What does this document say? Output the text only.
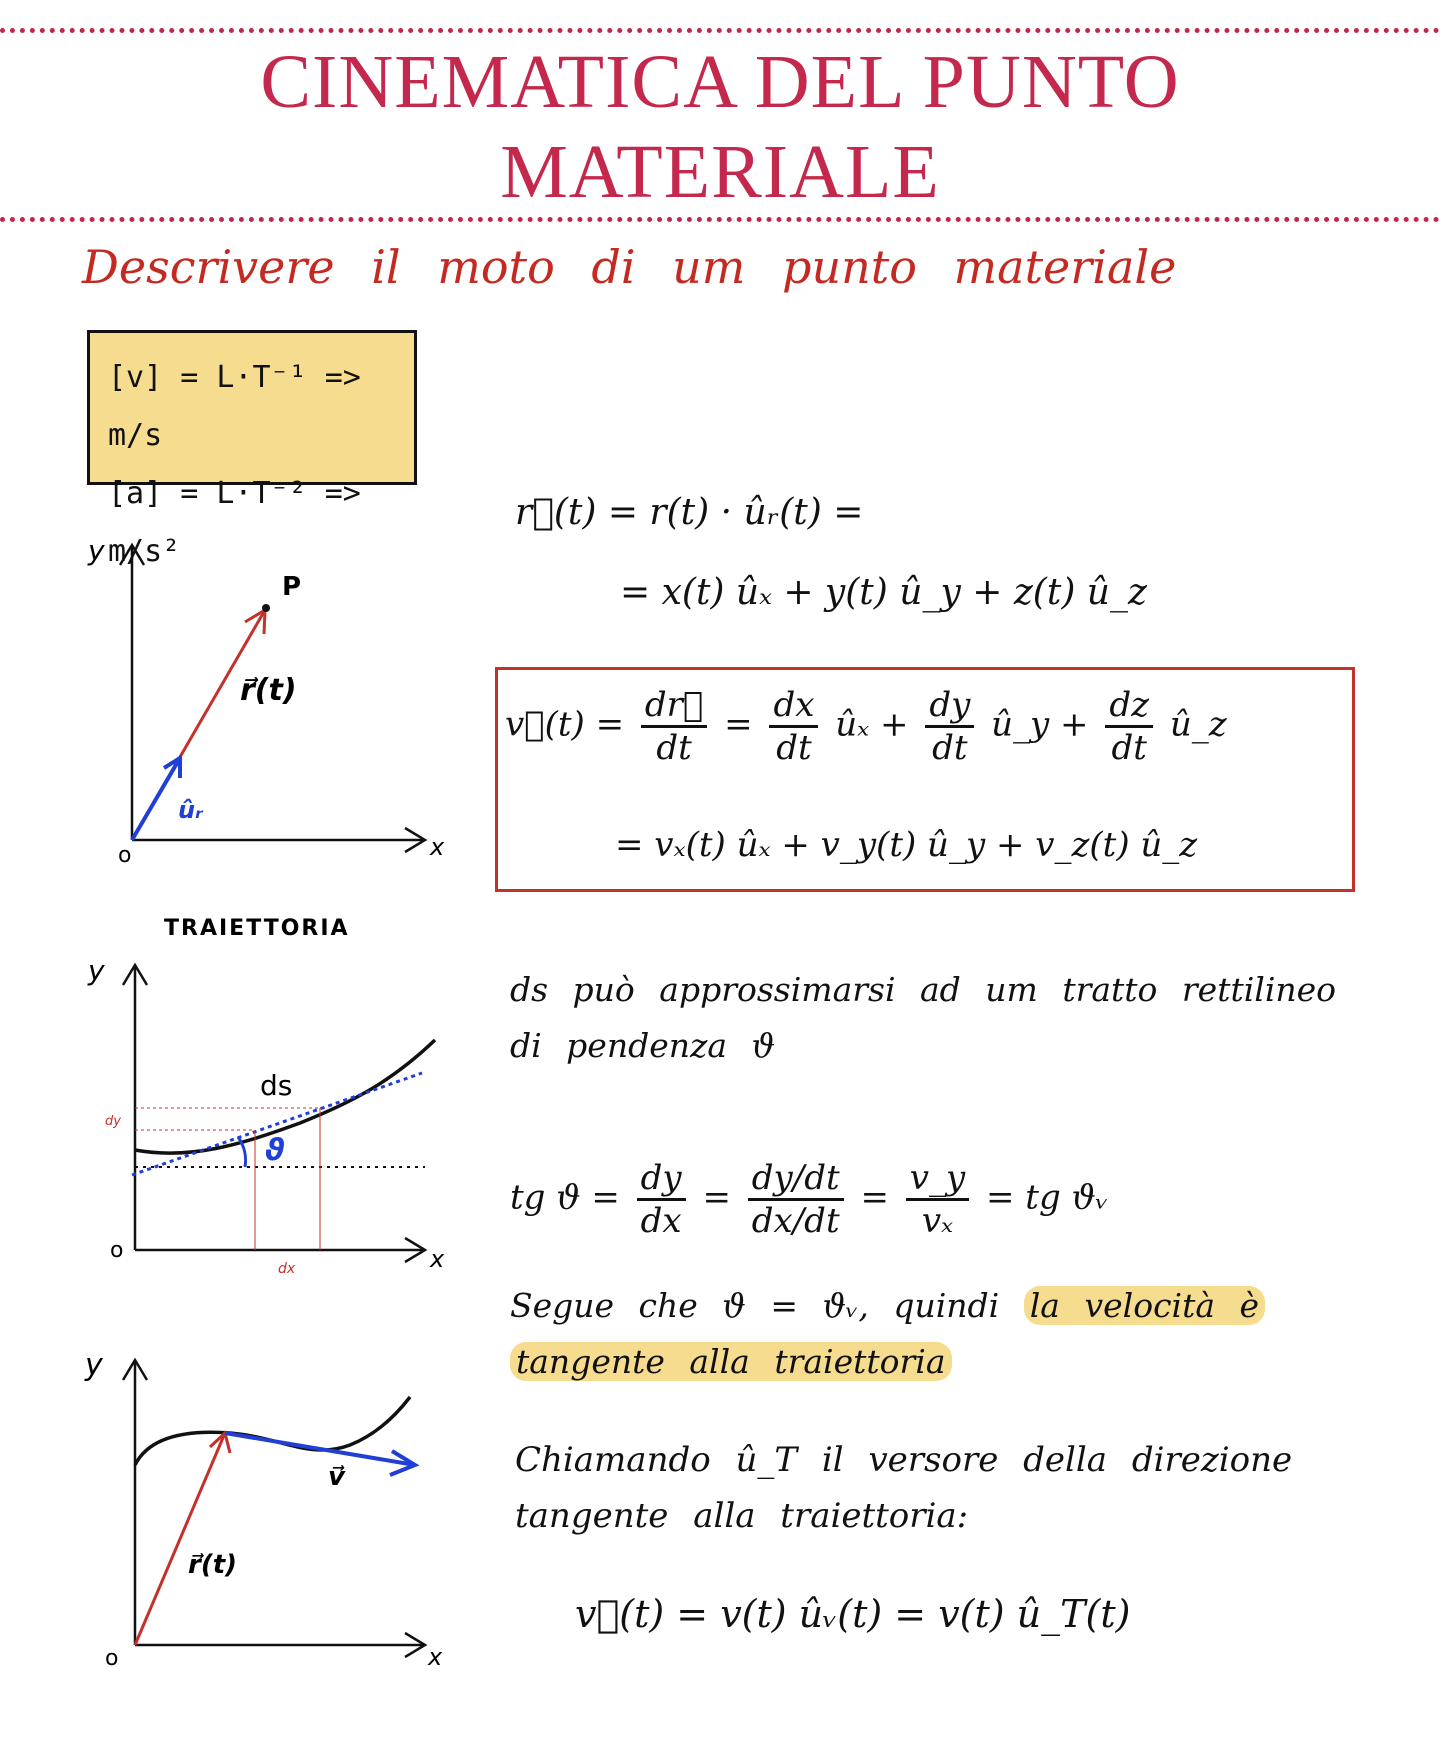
CINEMATICA DEL PUNTO
MATERIALE
Descrivere il moto di um punto materiale
[v] = L·T⁻¹ => m/s
[a] = L·T⁻² => m/s²
r⃗(t) = r(t) · ûᵣ(t) =
= x(t) ûₓ + y(t) û_y + z(t) û_z
v⃗(t) = $\frac{dr⃗}{dt} = \frac{dx}{dt}$ ûₓ + $\frac{dy}{dt}$ û_y + $\frac{dz}{dt}$ û_z
= vₓ(t) ûₓ + v_y(t) û_y + v_z(t) û_z
y
x
o
P
r⃗(t)
ûᵣ
TRAIETTORIA
y
x
o
ds
dy
dx
ϑ
y
x
o
r⃗(t)
v⃗
ds può approssimarsi ad um tratto rettilineo di pendenza ϑ
tg $ϑ = \frac{dy}{dx} = \frac{dy/dt}{dx/dt} = \frac{v\_y}{\text{vₓ}}$ = tg ϑᵥ
Segue che ϑ = ϑᵥ, quindi la velocità è
tangente alla traiettoria
Chiamando û_T il versore della direzione tangente alla traiettoria:
v⃗(t) = v(t) ûᵥ(t) = v(t) û_T(t)
